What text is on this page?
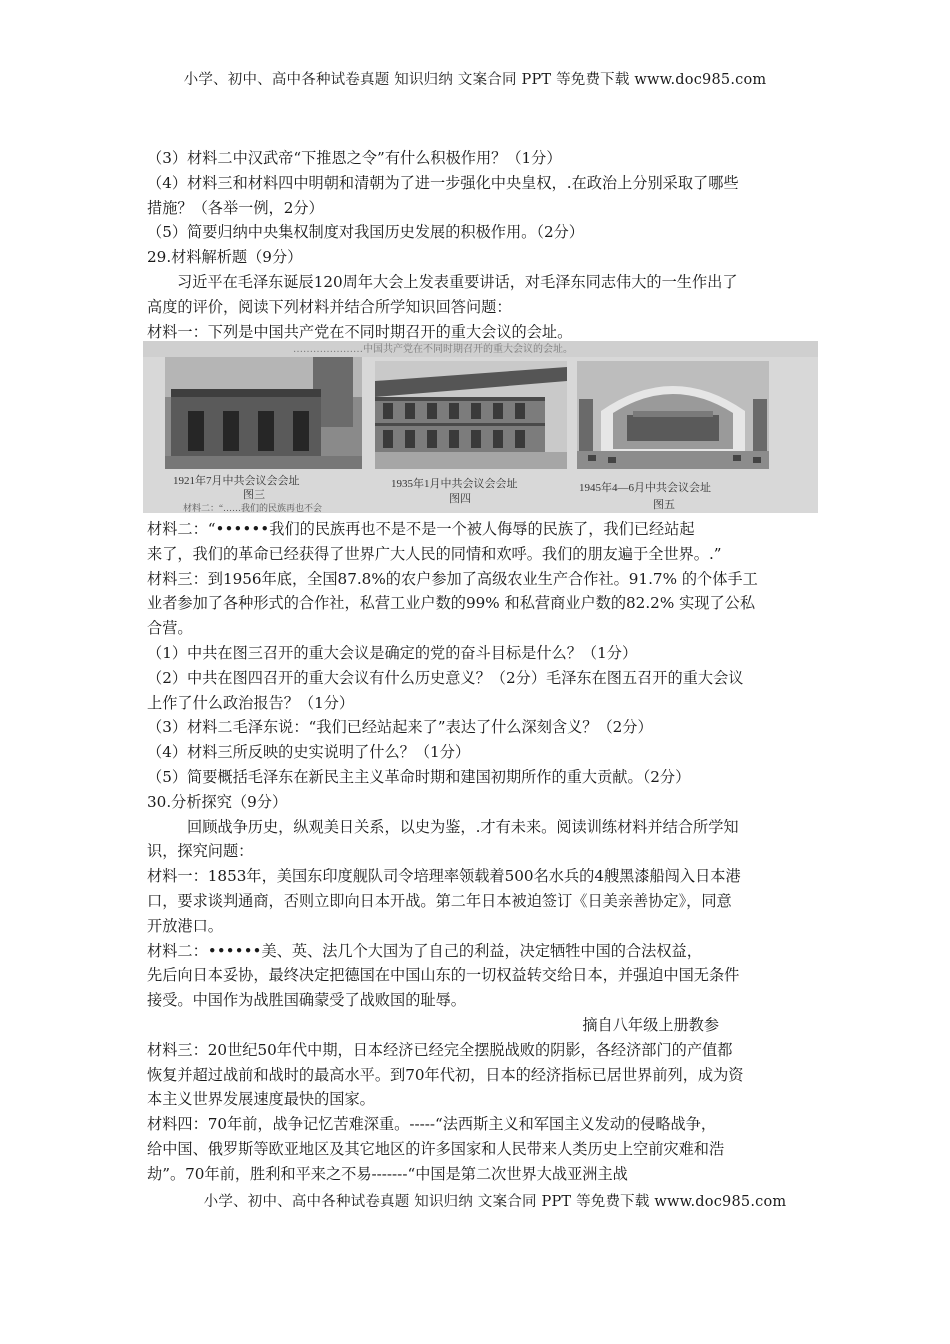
小学、初中、高中各种试卷真题 知识归纳 文案合同 PPT 等免费下载 www.doc985.com
（3）材料二中汉武帝“下推恩之令”有什么积极作用？（1分）
（4）材料三和材料四中明朝和清朝为了进一步强化中央皇权，.在政治上分别采取了哪些
措施？（各举一例，2分）
（5）简要归纳中央集权制度对我国历史发展的积极作用。（2分）
29.材料解析题（9分）
习近平在毛泽东诞辰120周年大会上发表重要讲话，对毛泽东同志伟大的一生作出了
高度的评价，阅读下列材料并结合所学知识回答问题：
材料一：下列是中国共产党在不同时期召开的重大会议的会址。
…………………中国共产党在不同时期召开的重大会议的会址。
1921年7月中共会议会会址	1935年1月中共会议会会址	1945年4—6月中共会议会址
图三	图四	图五
材料二：“……我们的民族再也不会
材料二：“••••••我们的民族再也不是不是一个被人侮辱的民族了，我们已经站起
来了，我们的革命已经获得了世界广大人民的同情和欢呼。我们的朋友遍于全世界。.”
材料三：到1956年底，全国87.8%的农户参加了高级农业生产合作社。91.7% 的个体手工
业者参加了各种形式的合作社，私营工业户数的99% 和私营商业户数的82.2% 实现了公私
合营。
（1）中共在图三召开的重大会议是确定的党的奋斗目标是什么？（1分）
（2）中共在图四召开的重大会议有什么历史意义？（2分）毛泽东在图五召开的重大会议
上作了什么政治报告？（1分）
（3）材料二毛泽东说：“我们已经站起来了”表达了什么深刻含义？（2分）
（4）材料三所反映的史实说明了什么？（1分）
（5）简要概括毛泽东在新民主主义革命时期和建国初期所作的重大贡献。（2分）
30.分析探究（9分）
回顾战争历史，纵观美日关系，以史为鉴，.才有未来。阅读训练材料并结合所学知
识，探究问题：
材料一：1853年，美国东印度舰队司令培理率领载着500名水兵的4艘黑漆船闯入日本港
口，要求谈判通商，否则立即向日本开战。第二年日本被迫签订《日美亲善协定》，同意
开放港口。
材料二：••••••美、英、法几个大国为了自己的利益，决定牺牲中国的合法权益，
先后向日本妥协，最终决定把德国在中国山东的一切权益转交给日本，并强迫中国无条件
接受。中国作为战胜国确蒙受了战败国的耻辱。
摘自八年级上册教参
材料三：20世纪50年代中期，日本经济已经完全摆脱战败的阴影，各经济部门的产值都
恢复并超过战前和战时的最高水平。到70年代初，日本的经济指标已居世界前列，成为资
本主义世界发展速度最快的国家。
材料四：70年前，战争记忆苦难深重。-----“法西斯主义和军国主义发动的侵略战争，
给中国、俄罗斯等欧亚地区及其它地区的许多国家和人民带来人类历史上空前灾难和浩
劫”。70年前，胜利和平来之不易-------“中国是第二次世界大战亚洲主战
小学、初中、高中各种试卷真题 知识归纳 文案合同 PPT 等免费下载 www.doc985.com
